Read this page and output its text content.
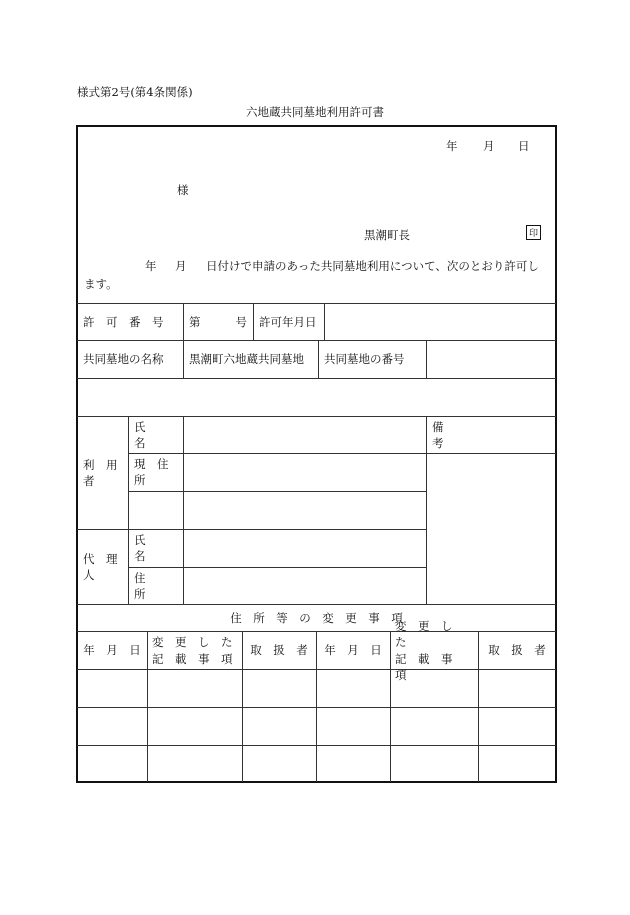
様式第2号(第4条関係)
六地蔵共同墓地利用許可書
年 月 日
様
黒潮町長	印
年 月 日付けで申請のあった共同墓地利用について、次のとおり許可し
ます。
許　可　番　号 第	号 許可年月日
共同墓地の名称 黒潮町六地蔵共同墓地 共同墓地の番号
利　用　者
氏　　名
現　住　所
代　理　人
氏　　名
住　　所
備　　　　　　　　　考
住　所　等　の　変　更　事　項
年　月　日
変　更　し　た
記　載　事　項
取　扱　者 年　月　日
変　更　し　た
記　載　事　項
取　扱　者
